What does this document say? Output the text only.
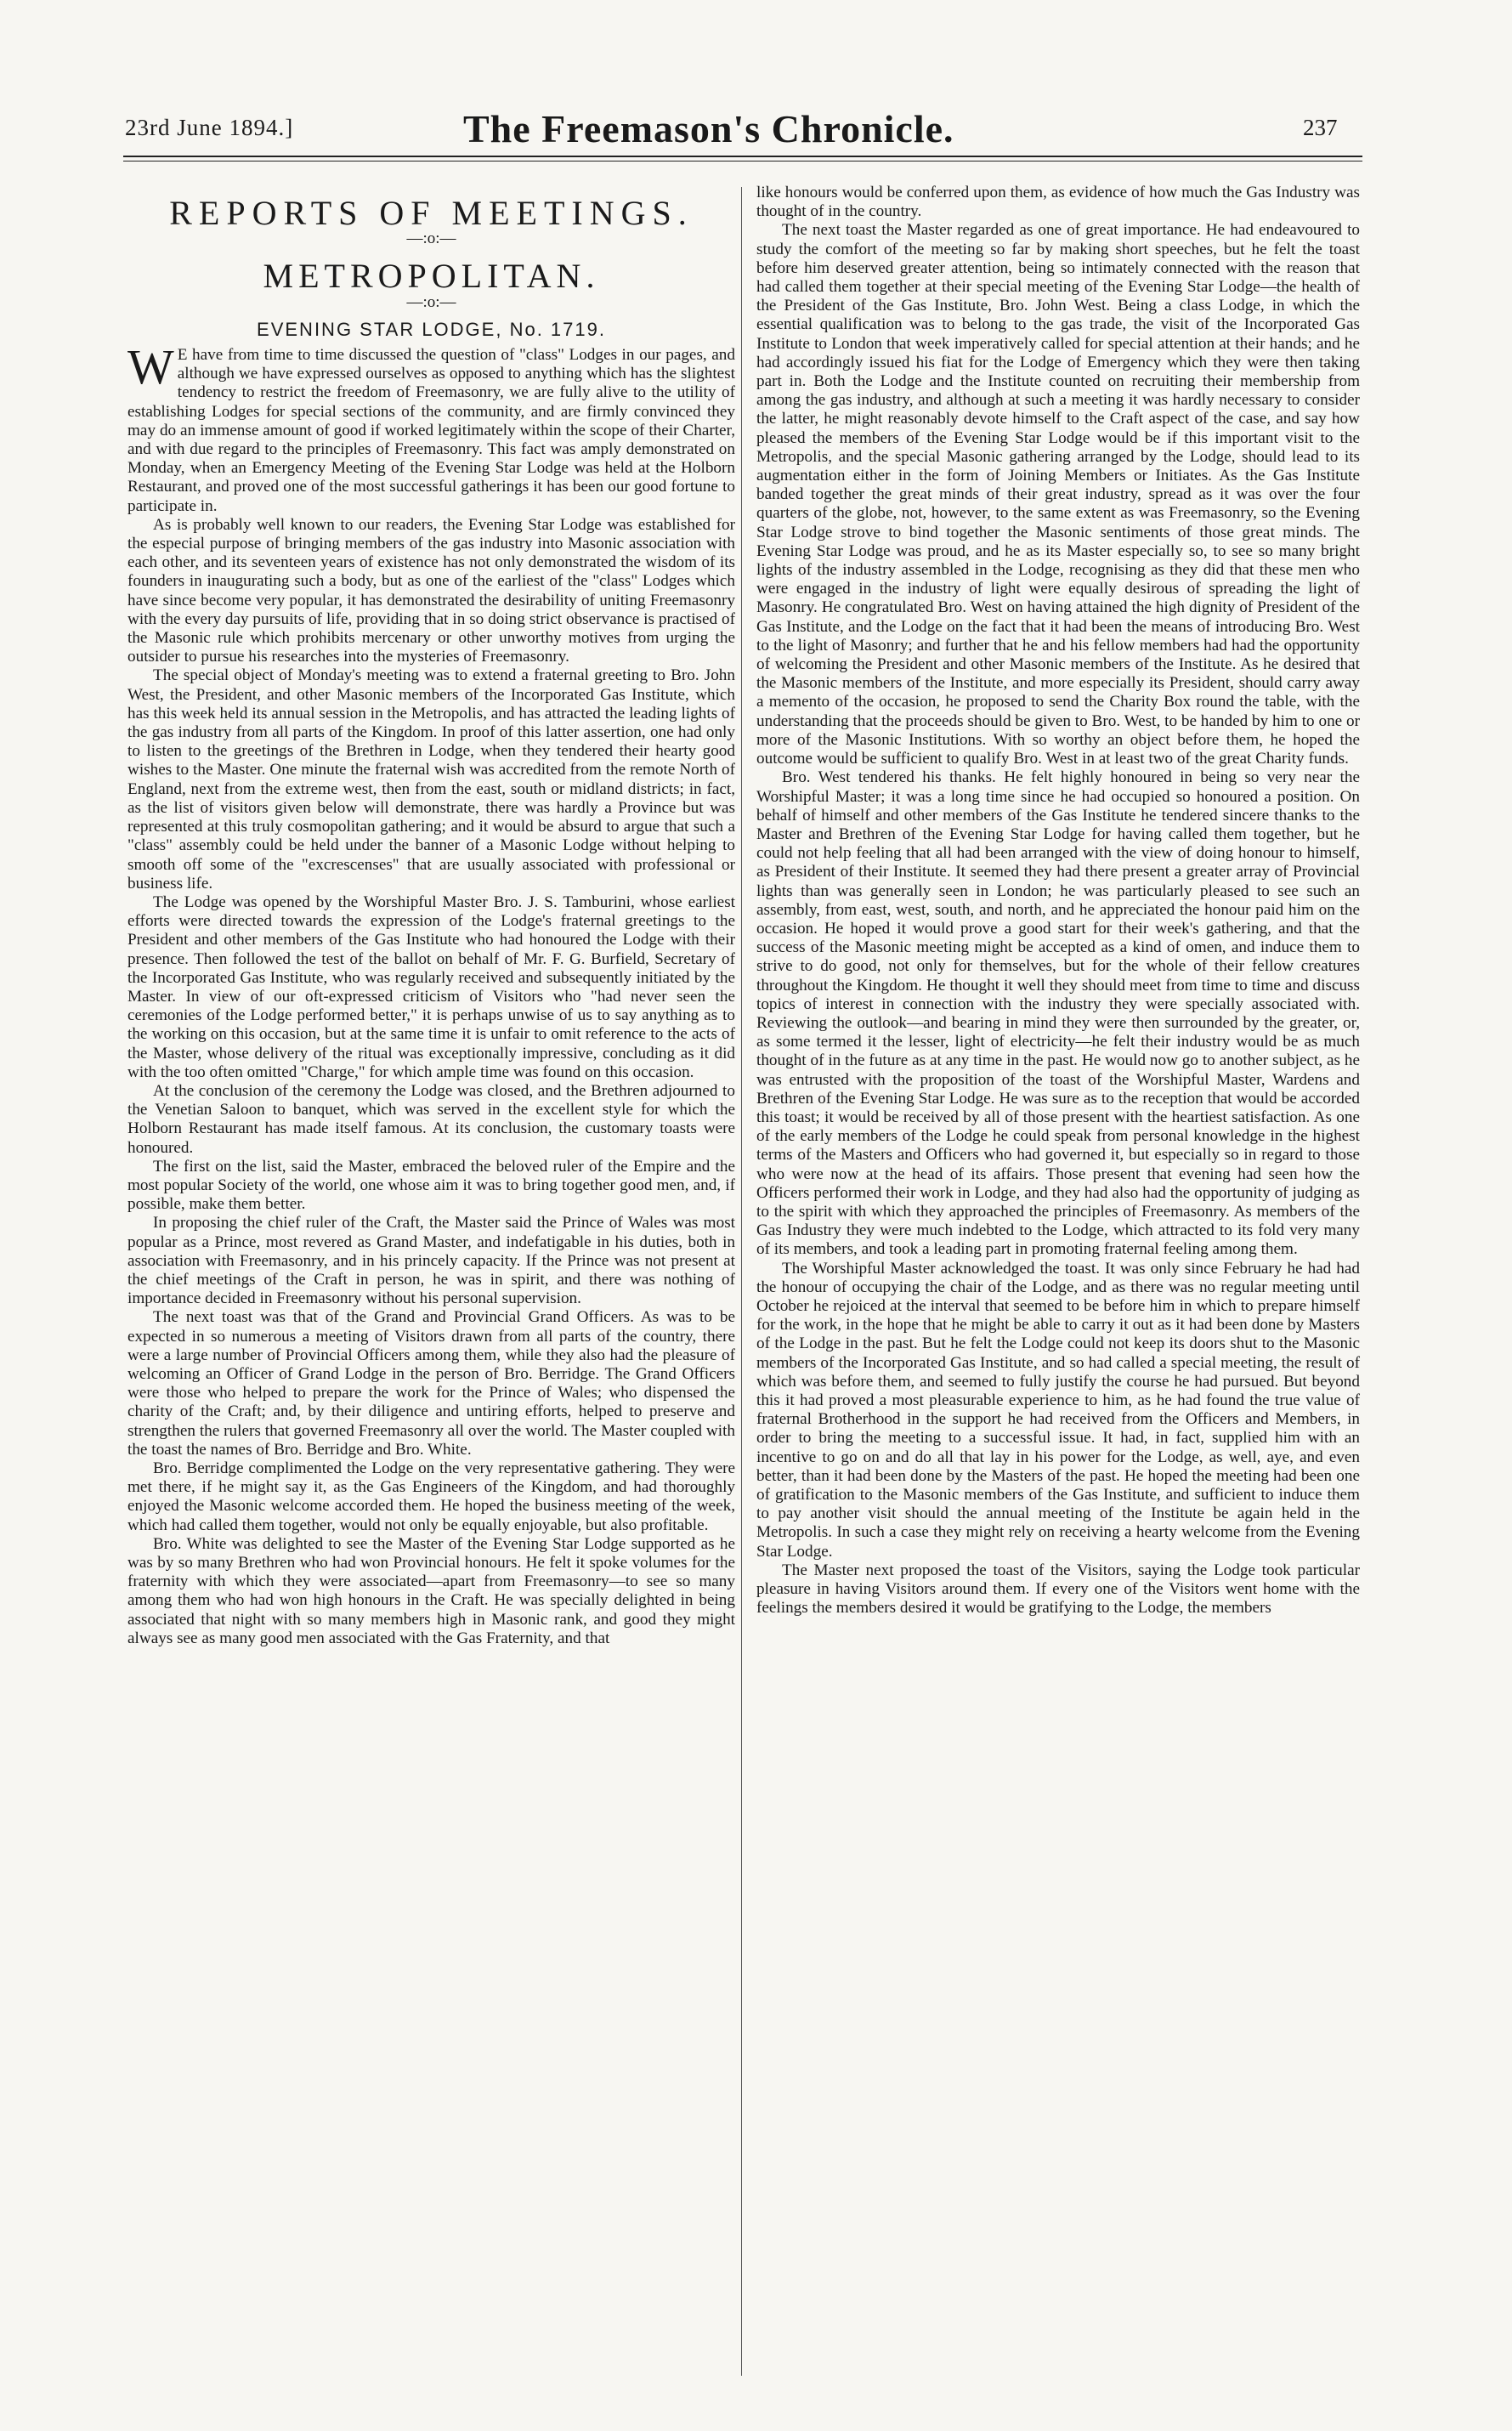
23rd June 1894.]	The Freemason's Chronicle.	237
REPORTS OF MEETINGS.
—:o:—
METROPOLITAN.
—:o:—
EVENING STAR LODGE, No. 1719.

W E have from time to time discussed the question of "class" Lodges in our pages, and although we have expressed ourselves as opposed to anything which has the slightest tendency to restrict the freedom of Freemasonry, we are fully alive to the utility of establishing Lodges for special sections of the community, and are firmly convinced they may do an immense amount of good if worked legitimately within the scope of their Charter, and with due regard to the principles of Freemasonry. This fact was amply demonstrated on Monday, when an Emergency Meeting of the Evening Star Lodge was held at the Holborn Restaurant, and proved one of the most successful gatherings it has been our good fortune to participate in.

As is probably well known to our readers, the Evening Star Lodge was established for the especial purpose of bringing members of the gas industry into Masonic association with each other, and its seventeen years of existence has not only demonstrated the wisdom of its founders in inaugurating such a body, but as one of the earliest of the "class" Lodges which have since become very popular, it has demonstrated the desirability of uniting Freemasonry with the every day pursuits of life, providing that in so doing strict observance is practised of the Masonic rule which prohibits mercenary or other unworthy motives from urging the outsider to pursue his researches into the mysteries of Freemasonry.

The special object of Monday's meeting was to extend a fraternal greeting to Bro. John West, the President, and other Masonic members of the Incorporated Gas Institute, which has this week held its annual session in the Metropolis, and has attracted the leading lights of the gas industry from all parts of the Kingdom. In proof of this latter assertion, one had only to listen to the greetings of the Brethren in Lodge, when they tendered their hearty good wishes to the Master. One minute the fraternal wish was accredited from the remote North of England, next from the extreme west, then from the east, south or midland districts; in fact, as the list of visitors given below will demonstrate, there was hardly a Province but was represented at this truly cosmopolitan gathering; and it would be absurd to argue that such a "class" assembly could be held under the banner of a Masonic Lodge without helping to smooth off some of the "excrescenses" that are usually associated with professional or business life.

The Lodge was opened by the Worshipful Master Bro. J. S. Tamburini, whose earliest efforts were directed towards the expression of the Lodge's fraternal greetings to the President and other members of the Gas Institute who had honoured the Lodge with their presence. Then followed the test of the ballot on behalf of Mr. F. G. Burfield, Secretary of the Incorporated Gas Institute, who was regularly received and subsequently initiated by the Master. In view of our oft-expressed criticism of Visitors who "had never seen the ceremonies of the Lodge performed better," it is perhaps unwise of us to say anything as to the working on this occasion, but at the same time it is unfair to omit reference to the acts of the Master, whose delivery of the ritual was exceptionally impressive, concluding as it did with the too often omitted "Charge," for which ample time was found on this occasion.

At the conclusion of the ceremony the Lodge was closed, and the Brethren adjourned to the Venetian Saloon to banquet, which was served in the excellent style for which the Holborn Restaurant has made itself famous. At its conclusion, the customary toasts were honoured.

The first on the list, said the Master, embraced the beloved ruler of the Empire and the most popular Society of the world, one whose aim it was to bring together good men, and, if possible, make them better.

In proposing the chief ruler of the Craft, the Master said the Prince of Wales was most popular as a Prince, most revered as Grand Master, and indefatigable in his duties, both in association with Freemasonry, and in his princely capacity. If the Prince was not present at the chief meetings of the Craft in person, he was in spirit, and there was nothing of importance decided in Freemasonry without his personal supervision.

The next toast was that of the Grand and Provincial Grand Officers. As was to be expected in so numerous a meeting of Visitors drawn from all parts of the country, there were a large number of Provincial Officers among them, while they also had the pleasure of welcoming an Officer of Grand Lodge in the person of Bro. Berridge. The Grand Officers were those who helped to prepare the work for the Prince of Wales; who dispensed the charity of the Craft; and, by their diligence and untiring efforts, helped to preserve and strengthen the rulers that governed Freemasonry all over the world. The Master coupled with the toast the names of Bro. Berridge and Bro. White.

Bro. Berridge complimented the Lodge on the very representative gathering. They were met there, if he might say it, as the Gas Engineers of the Kingdom, and had thoroughly enjoyed the Masonic welcome accorded them. He hoped the business meeting of the week, which had called them together, would not only be equally enjoyable, but also profitable.

Bro. White was delighted to see the Master of the Evening Star Lodge supported as he was by so many Brethren who had won Provincial honours. He felt it spoke volumes for the fraternity with which they were associated—apart from Freemasonry—to see so many among them who had won high honours in the Craft. He was specially delighted in being associated that night with so many members high in Masonic rank, and good they might always see as many good men associated with the Gas Fraternity, and that

like honours would be conferred upon them, as evidence of how much the Gas Industry was thought of in the country.

The next toast the Master regarded as one of great importance. He had endeavoured to study the comfort of the meeting so far by making short speeches, but he felt the toast before him deserved greater attention, being so intimately connected with the reason that had called them together at their special meeting of the Evening Star Lodge—the health of the President of the Gas Institute, Bro. John West. Being a class Lodge, in which the essential qualification was to belong to the gas trade, the visit of the Incorporated Gas Institute to London that week imperatively called for special attention at their hands; and he had accordingly issued his fiat for the Lodge of Emergency which they were then taking part in. Both the Lodge and the Institute counted on recruiting their membership from among the gas industry, and although at such a meeting it was hardly necessary to consider the latter, he might reasonably devote himself to the Craft aspect of the case, and say how pleased the members of the Evening Star Lodge would be if this important visit to the Metropolis, and the special Masonic gathering arranged by the Lodge, should lead to its augmentation either in the form of Joining Members or Initiates. As the Gas Institute banded together the great minds of their great industry, spread as it was over the four quarters of the globe, not, however, to the same extent as was Freemasonry, so the Evening Star Lodge strove to bind together the Masonic sentiments of those great minds. The Evening Star Lodge was proud, and he as its Master especially so, to see so many bright lights of the industry assembled in the Lodge, recognising as they did that these men who were engaged in the industry of light were equally desirous of spreading the light of Masonry. He congratulated Bro. West on having attained the high dignity of President of the Gas Institute, and the Lodge on the fact that it had been the means of introducing Bro. West to the light of Masonry; and further that he and his fellow members had had the opportunity of welcoming the President and other Masonic members of the Institute. As he desired that the Masonic members of the Institute, and more especially its President, should carry away a memento of the occasion, he proposed to send the Charity Box round the table, with the understanding that the proceeds should be given to Bro. West, to be handed by him to one or more of the Masonic Institutions. With so worthy an object before them, he hoped the outcome would be sufficient to qualify Bro. West in at least two of the great Charity funds.

Bro. West tendered his thanks. He felt highly honoured in being so very near the Worshipful Master; it was a long time since he had occupied so honoured a position. On behalf of himself and other members of the Gas Institute he tendered sincere thanks to the Master and Brethren of the Evening Star Lodge for having called them together, but he could not help feeling that all had been arranged with the view of doing honour to himself, as President of their Institute. It seemed they had there present a greater array of Provincial lights than was generally seen in London; he was particularly pleased to see such an assembly, from east, west, south, and north, and he appreciated the honour paid him on the occasion. He hoped it would prove a good start for their week's gathering, and that the success of the Masonic meeting might be accepted as a kind of omen, and induce them to strive to do good, not only for themselves, but for the whole of their fellow creatures throughout the Kingdom. He thought it well they should meet from time to time and discuss topics of interest in connection with the industry they were specially associated with. Reviewing the outlook—and bearing in mind they were then surrounded by the greater, or, as some termed it the lesser, light of electricity—he felt their industry would be as much thought of in the future as at any time in the past. He would now go to another subject, as he was entrusted with the proposition of the toast of the Worshipful Master, Wardens and Brethren of the Evening Star Lodge. He was sure as to the reception that would be accorded this toast; it would be received by all of those present with the heartiest satisfaction. As one of the early members of the Lodge he could speak from personal knowledge in the highest terms of the Masters and Officers who had governed it, but especially so in regard to those who were now at the head of its affairs. Those present that evening had seen how the Officers performed their work in Lodge, and they had also had the opportunity of judging as to the spirit with which they approached the principles of Freemasonry. As members of the Gas Industry they were much indebted to the Lodge, which attracted to its fold very many of its members, and took a leading part in promoting fraternal feeling among them.

The Worshipful Master acknowledged the toast. It was only since February he had had the honour of occupying the chair of the Lodge, and as there was no regular meeting until October he rejoiced at the interval that seemed to be before him in which to prepare himself for the work, in the hope that he might be able to carry it out as it had been done by Masters of the Lodge in the past. But he felt the Lodge could not keep its doors shut to the Masonic members of the Incorporated Gas Institute, and so had called a special meeting, the result of which was before them, and seemed to fully justify the course he had pursued. But beyond this it had proved a most pleasurable experience to him, as he had found the true value of fraternal Brotherhood in the support he had received from the Officers and Members, in order to bring the meeting to a successful issue. It had, in fact, supplied him with an incentive to go on and do all that lay in his power for the Lodge, as well, aye, and even better, than it had been done by the Masters of the past. He hoped the meeting had been one of gratification to the Masonic members of the Gas Institute, and sufficient to induce them to pay another visit should the annual meeting of the Institute be again held in the Metropolis. In such a case they might rely on receiving a hearty welcome from the Evening Star Lodge.

The Master next proposed the toast of the Visitors, saying the Lodge took particular pleasure in having Visitors around them. If every one of the Visitors went home with the feelings the members desired it would be gratifying to the Lodge, the members
